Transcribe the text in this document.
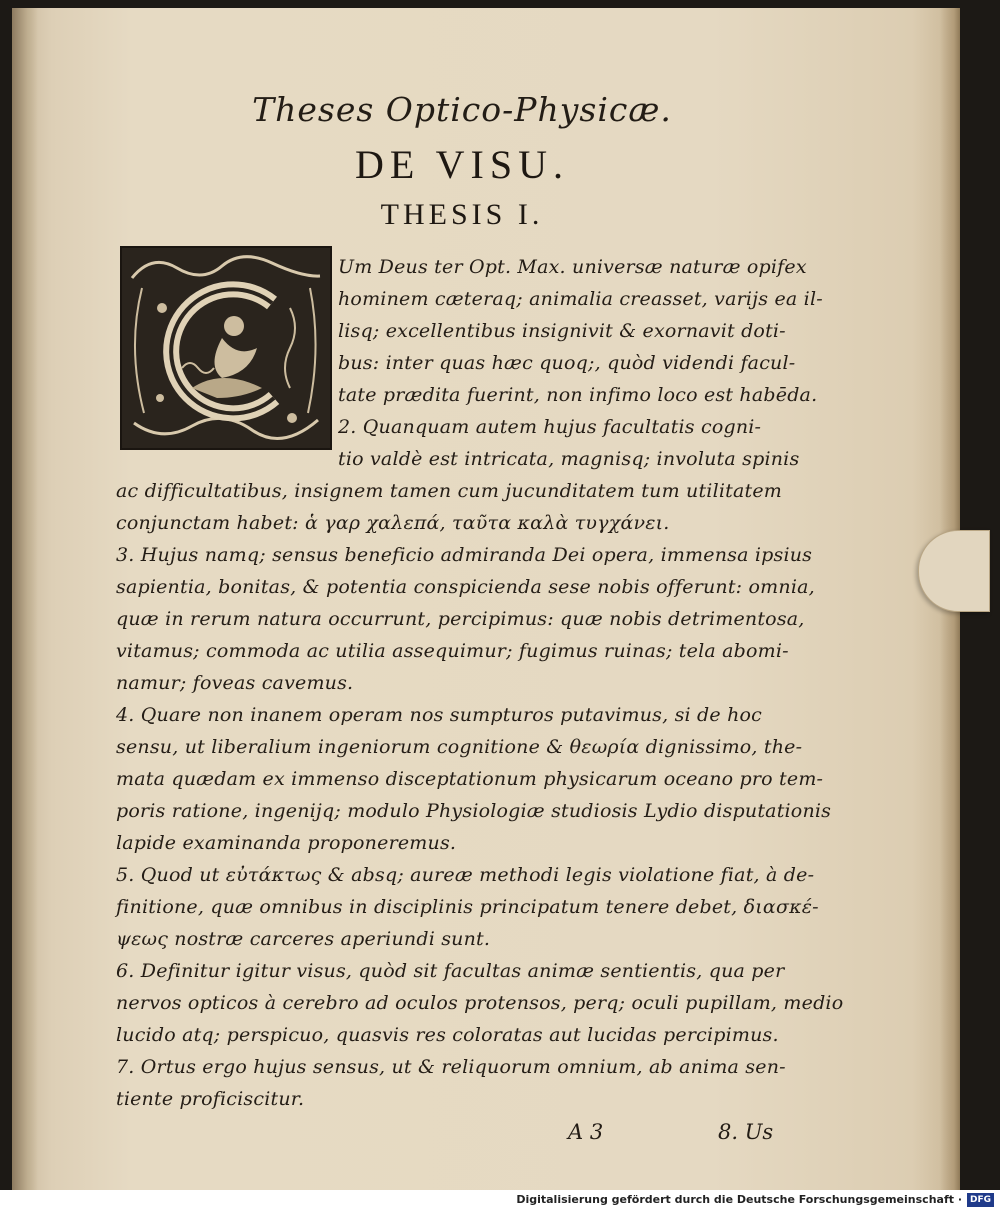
Theses Optico-Physicæ.
DE VISU.
THESIS I.
Um Deus ter Opt. Max. universæ naturæ opifex
hominem cæteraq; animalia creasset, varijs ea il-
lisq; excellentibus insignivit & exornavit doti-
bus: inter quas hæc quoq;, quòd videndi facul-
tate prædita fuerint, non infimo loco est habēda.
2. Quanquam autem hujus facultatis cogni-
tio valdè est intricata, magnisq; involuta spinis
ac difficultatibus, insignem tamen cum jucunditatem tum utilitatem
conjunctam habet: ἁ γαρ χαλεπά, ταῦτα καλὰ τυγχάνει.
3. Hujus namq; sensus beneficio admiranda Dei opera, immensa ipsius
sapientia, bonitas, & potentia conspicienda sese nobis offerunt: omnia,
quæ in rerum natura occurrunt, percipimus: quæ nobis detrimentosa,
vitamus; commoda ac utilia assequimur; fugimus ruinas; tela abomi-
namur; foveas cavemus.
4. Quare non inanem operam nos sumpturos putavimus, si de hoc
sensu, ut liberalium ingeniorum cognitione & θεωρία dignissimo, the-
mata quædam ex immenso disceptationum physicarum oceano pro tem-
poris ratione, ingenijq; modulo Physiologiæ studiosis Lydio disputationis
lapide examinanda proponeremus.
5. Quod ut εὐτάκτως & absq; aureæ methodi legis violatione fiat, à de-
finitione, quæ omnibus in disciplinis principatum tenere debet, διασκέ-
ψεως nostræ carceres aperiundi sunt.
6. Definitur igitur visus, quòd sit facultas animæ sentientis, qua per
nervos opticos à cerebro ad oculos protensos, perq; oculi pupillam, medio
lucido atq; perspicuo, quasvis res coloratas aut lucidas percipimus.
7. Ortus ergo hujus sensus, ut & reliquorum omnium, ab anima sen-
tiente proficiscitur.
A 3	8. Us
Digitalisierung gefördert durch die Deutsche Forschungsgemeinschaft · DFG
